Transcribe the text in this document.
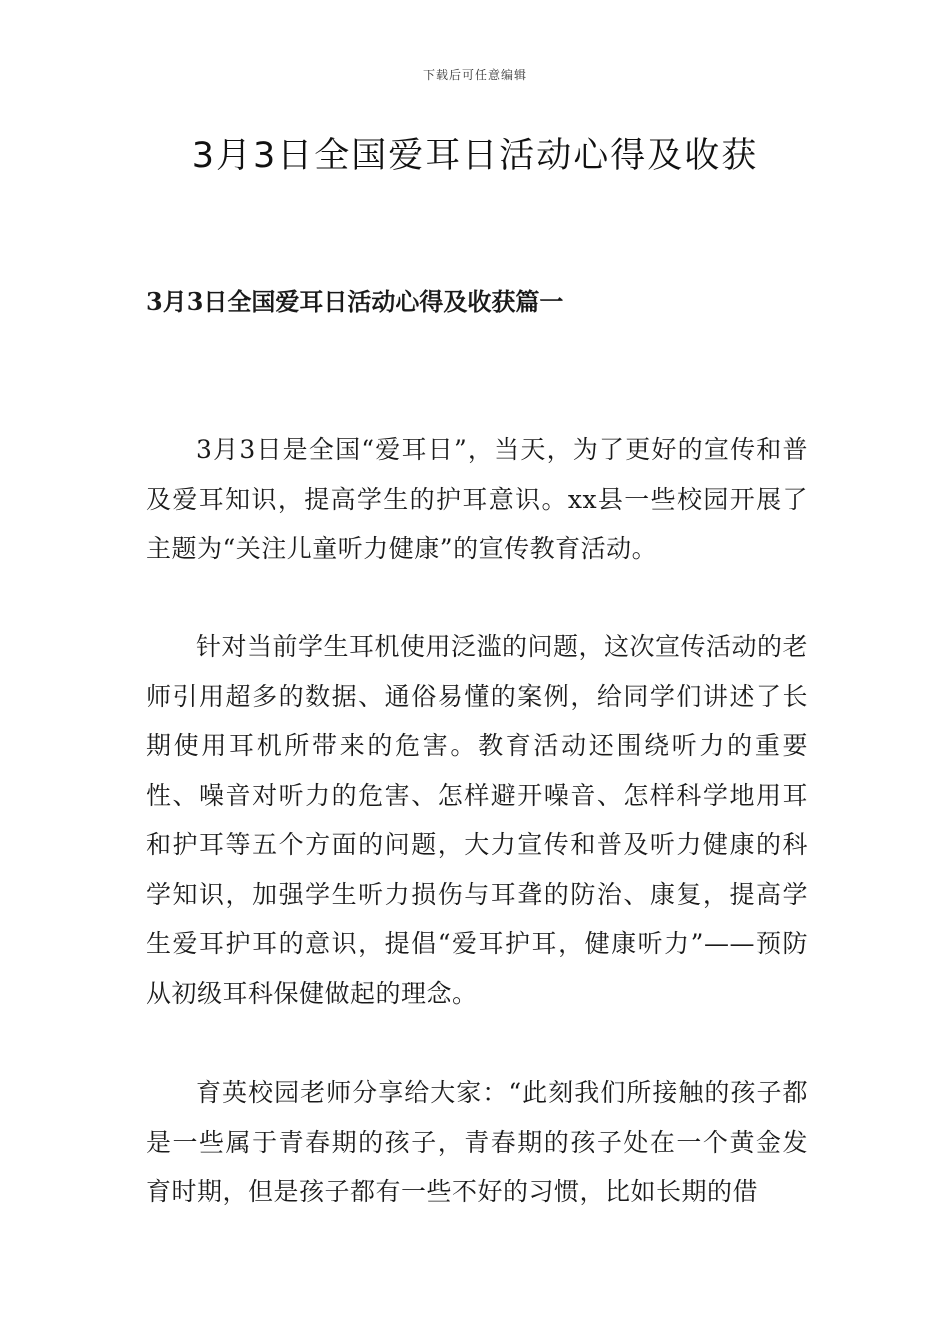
下载后可任意编辑
3月3日全国爱耳日活动心得及收获
3月3日全国爱耳日活动心得及收获篇一

3月3日是全国“爱耳日”，当天，为了更好的宣传和普及爱耳知识，提高学生的护耳意识。xx县一些校园开展了主题为“关注儿童听力健康”的宣传教育活动。

针对当前学生耳机使用泛滥的问题，这次宣传活动的老师引用超多的数据、通俗易懂的案例，给同学们讲述了长期使用耳机所带来的危害。教育活动还围绕听力的重要性、噪音对听力的危害、怎样避开噪音、怎样科学地用耳和护耳等五个方面的问题，大力宣传和普及听力健康的科学知识，加强学生听力损伤与耳聋的防治、康复，提高学生爱耳护耳的意识，提倡“爱耳护耳，健康听力”——预防从初级耳科保健做起的理念。

育英校园老师分享给大家：“此刻我们所接触的孩子都是一些属于青春期的孩子，青春期的孩子处在一个黄金发育时期，但是孩子都有一些不好的习惯，比如长期的借
